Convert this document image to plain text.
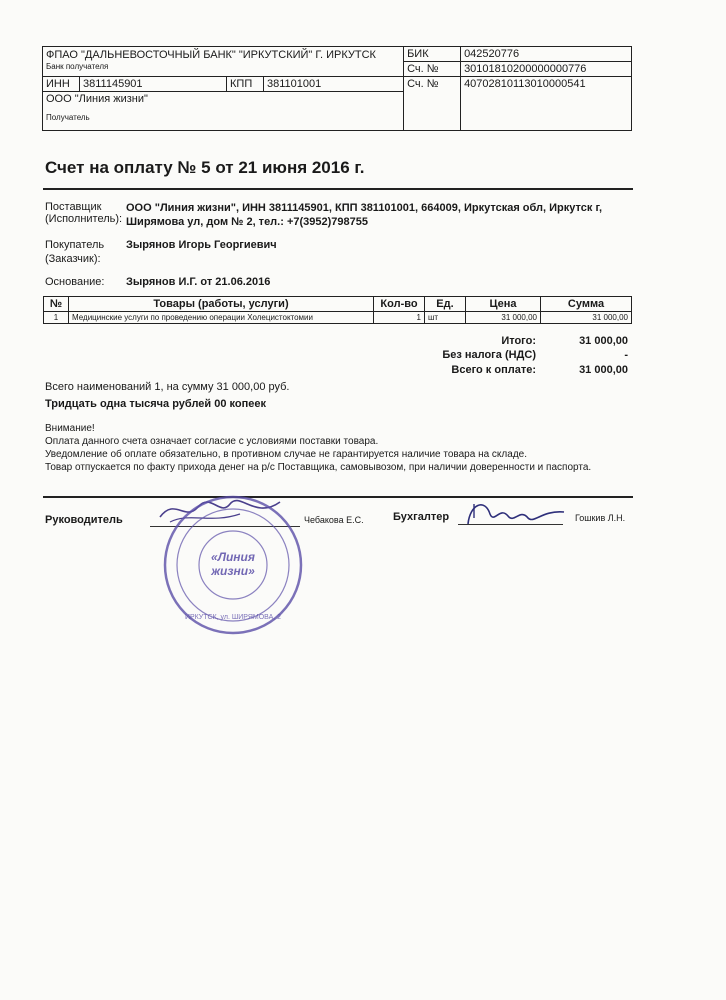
ФПАО "ДАЛЬНЕВОСТОЧНЫЙ БАНК" "ИРКУТСКИЙ" Г. ИРКУТСК
Банк получателя				БИК	042520776
				Сч. №	30101810200000000776
ИНН	3811145901	КПП	381101001	Сч. №	40702810113010000541

ООО "Линия жизни"
Получатель					
Счет на оплату № 5 от 21 июня 2016 г.
Поставщик
(Исполнитель):
ООО "Линия жизни", ИНН 3811145901, КПП 381101001, 664009, Иркутская обл, Иркутск г, Ширямова ул, дом № 2, тел.: +7(3952)798755
Покупатель
(Заказчик):
Зырянов Игорь Георгиевич
Основание: Зырянов И.Г. от 21.06.2016
№	Товары (работы, услуги)	Кол-во	Ед.	Цена	Сумма
1	Медицинские услуги по проведению операции Холецистоктомии	1	шт	31 000,00	31 000,00
Итого:	31 000,00
Без налога (НДС)	-
Всего к оплате:	31 000,00
Всего наименований 1, на сумму 31 000,00 руб.
Тридцать одна тысяча рублей 00 копеек
Внимание!
Оплата данного счета означает согласие с условиями поставки товара.
Уведомление об оплате обязательно, в противном случае не гарантируется наличие товара на складе.
Товар отпускается по факту прихода денег на р/с Поставщика, самовывозом, при наличии доверенности и паспорта.
Руководитель	Чебакова Е.С.	Бухгалтер	Гошкив Л.Н.
«Линия
жизни»
ИРКУТСК, ул. ШИРЯМОВА, 2
